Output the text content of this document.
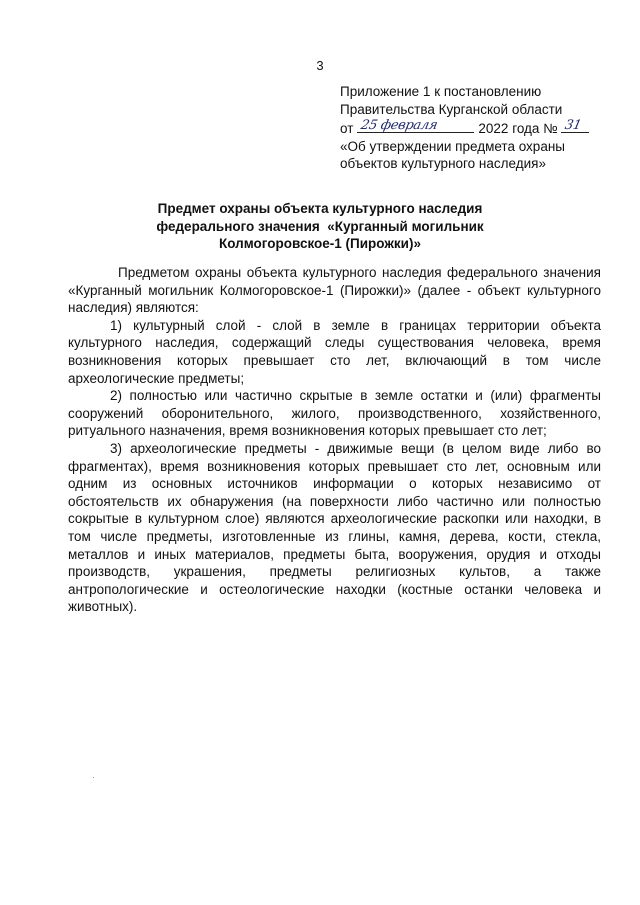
3
Приложение 1 к постановлению
Правительства Курганской области
от 25 февраля	2022 года № 31
«Об утверждении предмета охраны
объектов культурного наследия»
Предмет охраны объекта культурного наследия
федерального значения  «Курганный могильник
Колмогоровское-1 (Пирожки)»

Предметом охраны объекта культурного наследия федерального значения «Курганный могильник Колмогоровское-1 (Пирожки)» (далее - объект культурного наследия) являются:

1) культурный слой - слой в земле в границах территории объекта культурного наследия, содержащий следы существования человека, время возникновения которых превышает сто лет, включающий в том числе археологические предметы;

2) полностью или частично скрытые в земле остатки и (или) фрагменты сооружений оборонительного, жилого, производственного, хозяйственного, ритуального назначения, время возникновения которых превышает сто лет;

3) археологические предметы - движимые вещи (в целом виде либо во фрагментах), время возникновения которых превышает сто лет, основным или одним из основных источников информации о которых независимо от обстоятельств их обнаружения (на поверхности либо частично или полностью сокрытые в культурном слое) являются археологические раскопки или находки, в том числе предметы, изготовленные из глины, камня, дерева, кости, стекла, металлов и иных материалов, предметы быта, вооружения, орудия и отходы производств, украшения, предметы религиозных культов, а также антропологические и остеологические находки (костные останки человека и животных).
